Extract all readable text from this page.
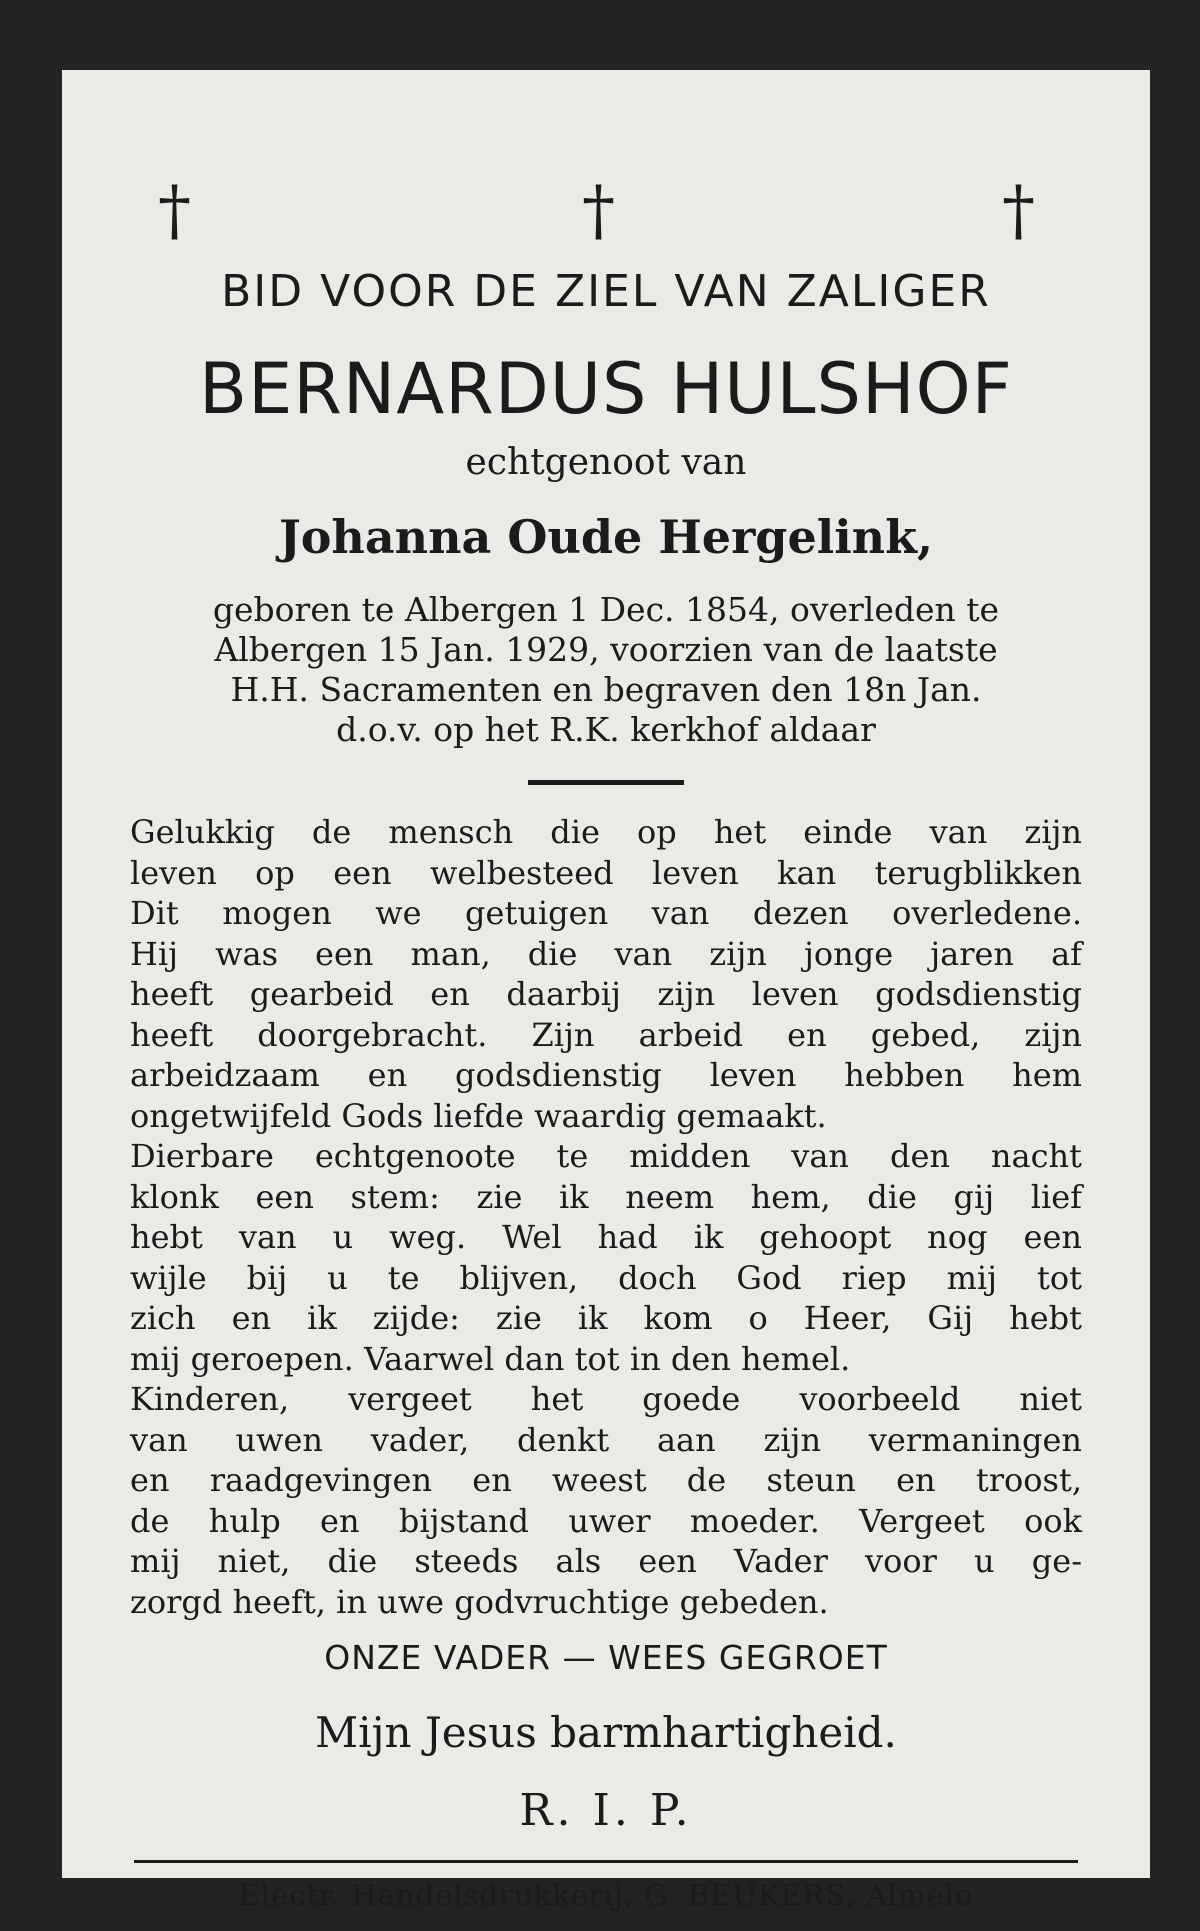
†	†	†
BID VOOR DE ZIEL VAN ZALIGER
BERNARDUS HULSHOF
echtgenoot van
Johanna Oude Hergelink,
geboren te Albergen 1 Dec. 1854, overleden te
Albergen 15 Jan. 1929, voorzien van de laatste
H.H. Sacramenten en begraven den 18n Jan.
d.o.v. op het R.K. kerkhof aldaar
Gelukkig de mensch die op het einde van zijn
leven op een welbesteed leven kan terugblikken
Dit mogen we getuigen van dezen overledene.
Hij was een man, die van zijn jonge jaren af
heeft gearbeid en daarbij zijn leven godsdienstig
heeft doorgebracht. Zijn arbeid en gebed, zijn
arbeidzaam en godsdienstig leven hebben hem
ongetwijfeld Gods liefde waardig gemaakt.
Dierbare echtgenoote te midden van den nacht
klonk een stem: zie ik neem hem, die gij lief
hebt van u weg. Wel had ik gehoopt nog een
wijle bij u te blijven, doch God riep mij tot
zich en ik zijde: zie ik kom o Heer, Gij hebt
mij geroepen. Vaarwel dan tot in den hemel.
Kinderen, vergeet het goede voorbeeld niet
van uwen vader, denkt aan zijn vermaningen
en raadgevingen en weest de steun en troost,
de hulp en bijstand uwer moeder. Vergeet ook
mij niet, die steeds als een Vader voor u ge-
zorgd heeft, in uwe godvruchtige gebeden.
ONZE VADER — WEES GEGROET
Mijn Jesus barmhartigheid.
R. I. P.
Electr. Handelsdrukkerij, G. BEUKERS, Almelo
